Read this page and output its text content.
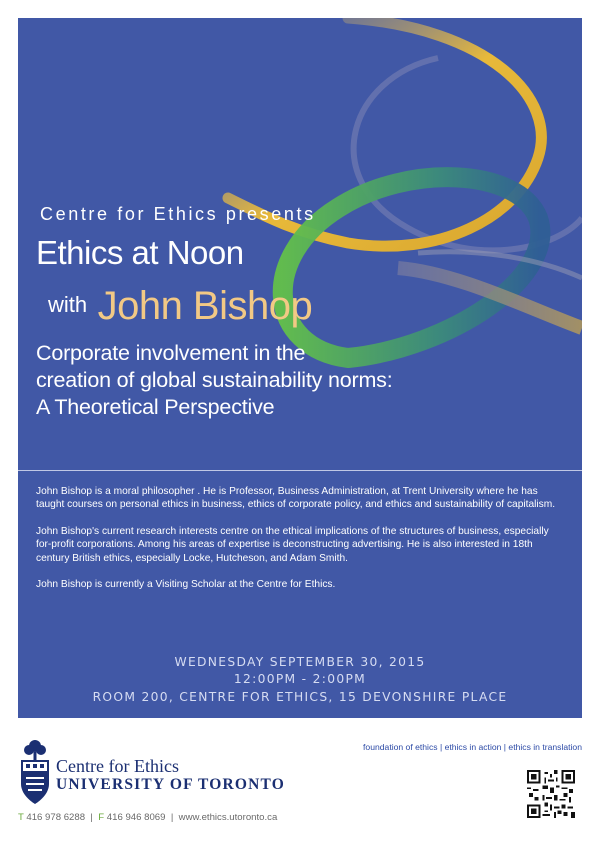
Centre for Ethics presents
Ethics at Noon
with John Bishop
Corporate involvement in the
creation of global sustainability norms:
A Theoretical Perspective

John Bishop is a moral philosopher . He is Professor, Business Administration, at Trent University where he has taught courses on personal ethics in business, ethics of corporate policy, and ethics and sustainability of capitalism.

John Bishop's current research interests centre on the ethical implications of the structures of business, especially for-profit corporations. Among his areas of expertise is deconstructing advertising. He is also interested in 18th century British ethics, especially Locke, Hutcheson, and Adam Smith.

John Bishop is currently a Visiting Scholar at the Centre for Ethics.

WEDNESDAY SEPTEMBER 30, 2015
12:00PM - 2:00PM
ROOM 200, CENTRE FOR ETHICS, 15 DEVONSHIRE PLACE
Centre for Ethics
UNIVERSITY OF TORONTO
foundation of ethics | ethics in action | ethics in translation
T 416 978 6288 | F 416 946 8069 | www.ethics.utoronto.ca
